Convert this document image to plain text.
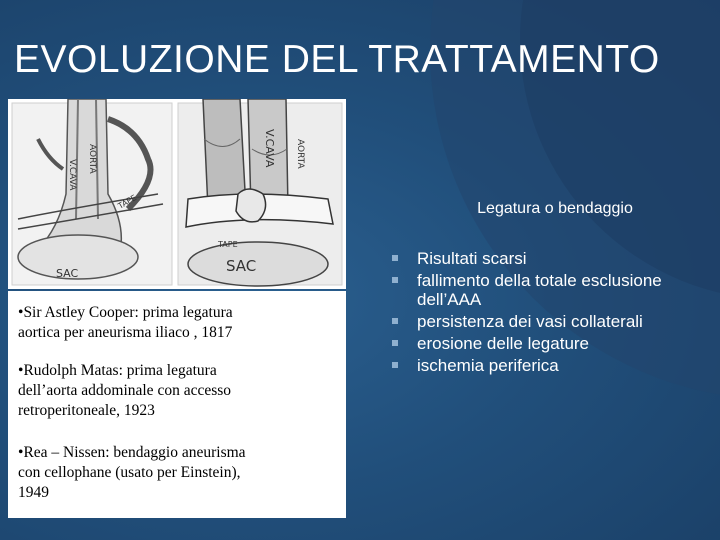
EVOLUZIONE DEL TRATTAMENTO
AORTA
V.CAVA
AORTA
V.CAVA
TAPE
TAPE
SAC	SAC
•Sir Astley Cooper: prima legatura
aortica per aneurisma iliaco , 1817
•Rudolph Matas: prima legatura
dell’aorta addominale con accesso
retroperitoneale, 1923
•Rea – Nissen: bendaggio aneurisma
con cellophane (usato per Einstein),
1949
Legatura o bendaggio
Risultati scarsi
fallimento della totale esclusione dell’AAA
persistenza dei vasi collaterali
erosione delle legature
ischemia periferica
